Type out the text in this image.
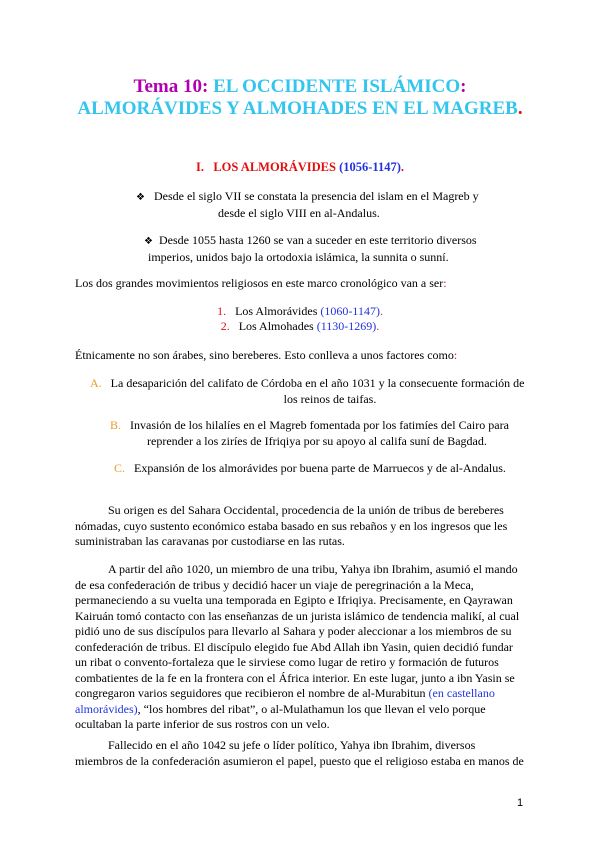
Tema 10: EL OCCIDENTE ISLÁMICO:
ALMORÁVIDES Y ALMOHADES EN EL MAGREB.
I. LOS ALMORÁVIDES (1056-1147).
❖ Desde el siglo VII se constata la presencia del islam en el Magreb y
desde el siglo VIII en al-Andalus.
❖ Desde 1055 hasta 1260 se van a suceder en este territorio diversos
imperios, unidos bajo la ortodoxia islámica, la sunnita o sunní.
Los dos grandes movimientos religiosos en este marco cronológico van a ser:
1. Los Almorávides (1060-1147).
2. Los Almohades (1130-1269).
Étnicamente no son árabes, sino bereberes. Esto conlleva a unos factores como:
A. La desaparición del califato de Córdoba en el año 1031 y la consecuente formación de
los reinos de taifas.
B. Invasión de los hilalíes en el Magreb fomentada por los fatimíes del Cairo para
reprender a los ziríes de Ifriqiya por su apoyo al califa suní de Bagdad.
C. Expansión de los almorávides por buena parte de Marruecos y de al-Andalus.
Su origen es del Sahara Occidental, procedencia de la unión de tribus de bereberes
nómadas, cuyo sustento económico estaba basado en sus rebaños y en los ingresos que les
suministraban las caravanas por custodiarse en las rutas.
A partir del año 1020, un miembro de una tribu, Yahya ibn Ibrahim, asumió el mando
de esa confederación de tribus y decidió hacer un viaje de peregrinación a la Meca,
permaneciendo a su vuelta una temporada en Egipto e Ifriqiya. Precisamente, en Qayrawan
Kairuán tomó contacto con las enseñanzas de un jurista islámico de tendencia malikí, al cual
pidió uno de sus discípulos para llevarlo al Sahara y poder aleccionar a los miembros de su
confederación de tribus. El discípulo elegido fue Abd Allah ibn Yasin, quien decidió fundar
un ribat o convento-fortaleza que le sirviese como lugar de retiro y formación de futuros
combatientes de la fe en la frontera con el África interior. En este lugar, junto a ibn Yasin se
congregaron varios seguidores que recibieron el nombre de al-Murabitun (en castellano
almorávides), “los hombres del ribat”, o al-Mulathamun los que llevan el velo porque
ocultaban la parte inferior de sus rostros con un velo.
Fallecido en el año 1042 su jefe o líder político, Yahya ibn Ibrahim, diversos
miembros de la confederación asumieron el papel, puesto que el religioso estaba en manos de
1
